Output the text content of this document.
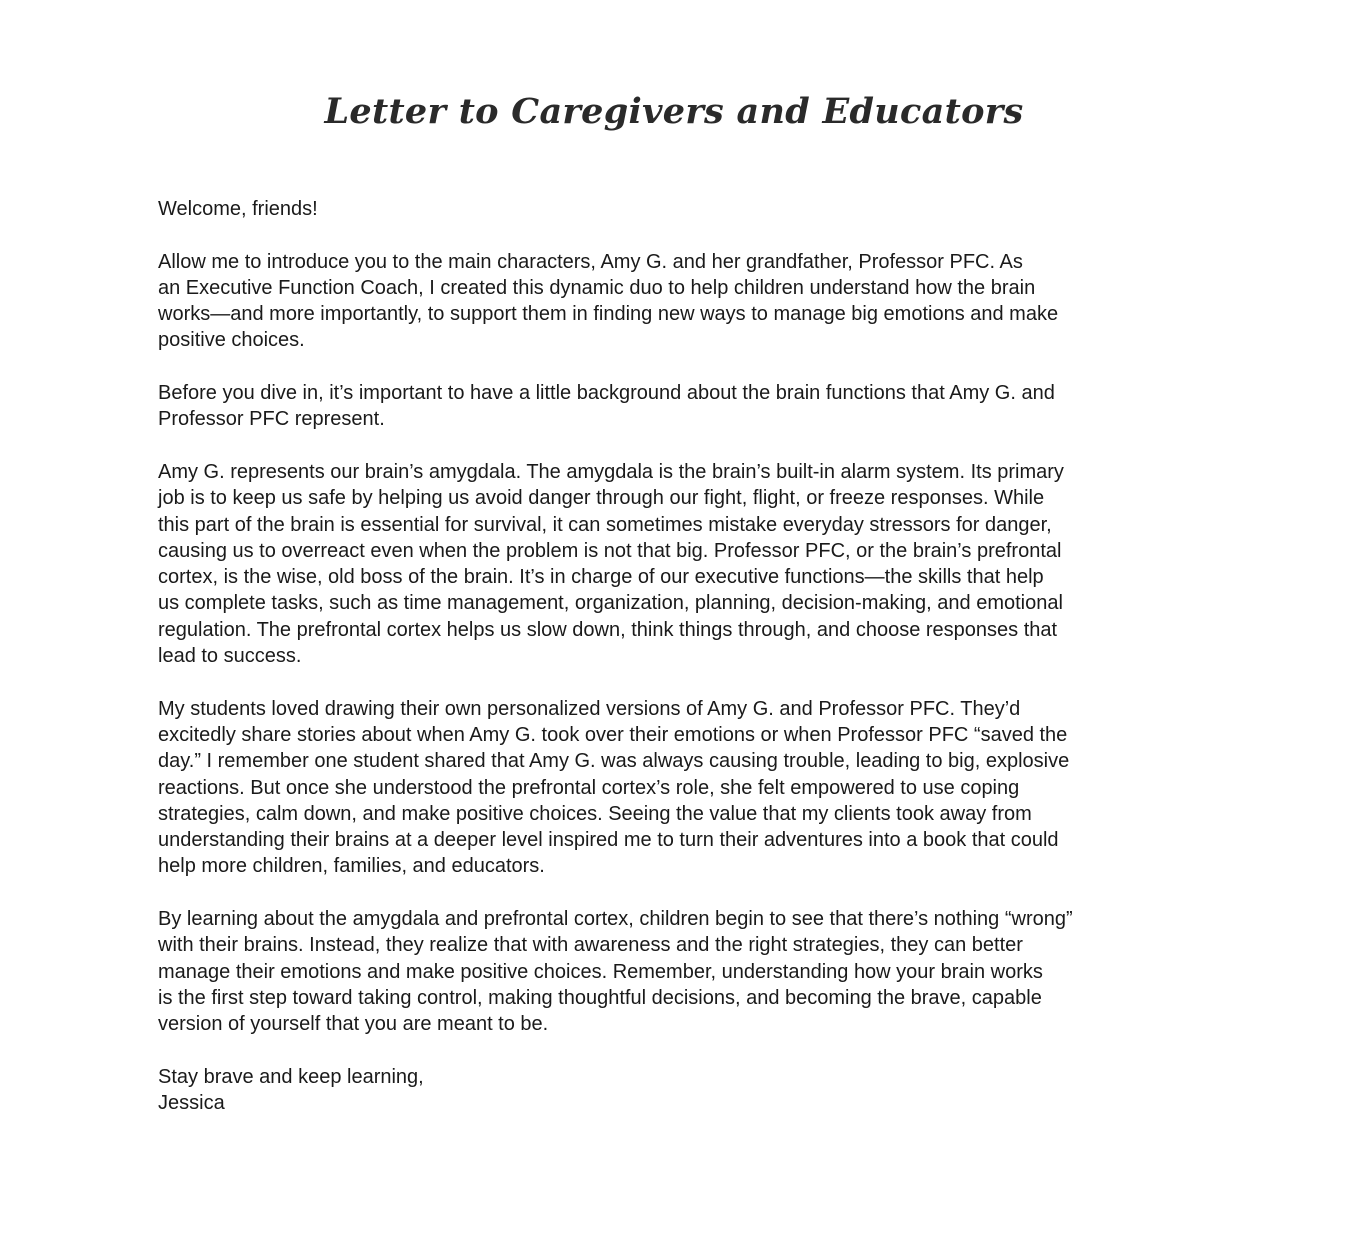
Letter to Caregivers and Educators

Welcome, friends!

Allow me to introduce you to the main characters, Amy G. and her grandfather, Professor PFC. As
an Executive Function Coach, I created this dynamic duo to help children understand how the brain
works—and more importantly, to support them in finding new ways to manage big emotions and make
positive choices.

Before you dive in, it’s important to have a little background about the brain functions that Amy G. and
Professor PFC represent.

Amy G. represents our brain’s amygdala. The amygdala is the brain’s built-in alarm system. Its primary
job is to keep us safe by helping us avoid danger through our fight, flight, or freeze responses. While
this part of the brain is essential for survival, it can sometimes mistake everyday stressors for danger,
causing us to overreact even when the problem is not that big. Professor PFC, or the brain’s prefrontal
cortex, is the wise, old boss of the brain. It’s in charge of our executive functions—the skills that help
us complete tasks, such as time management, organization, planning, decision-making, and emotional
regulation. The prefrontal cortex helps us slow down, think things through, and choose responses that
lead to success.

My students loved drawing their own personalized versions of Amy G. and Professor PFC. They’d
excitedly share stories about when Amy G. took over their emotions or when Professor PFC “saved the
day.” I remember one student shared that Amy G. was always causing trouble, leading to big, explosive
reactions. But once she understood the prefrontal cortex’s role, she felt empowered to use coping
strategies, calm down, and make positive choices. Seeing the value that my clients took away from
understanding their brains at a deeper level inspired me to turn their adventures into a book that could
help more children, families, and educators.

By learning about the amygdala and prefrontal cortex, children begin to see that there’s nothing “wrong”
with their brains. Instead, they realize that with awareness and the right strategies, they can better
manage their emotions and make positive choices. Remember, understanding how your brain works
is the first step toward taking control, making thoughtful decisions, and becoming the brave, capable
version of yourself that you are meant to be.

Stay brave and keep learning,
Jessica
